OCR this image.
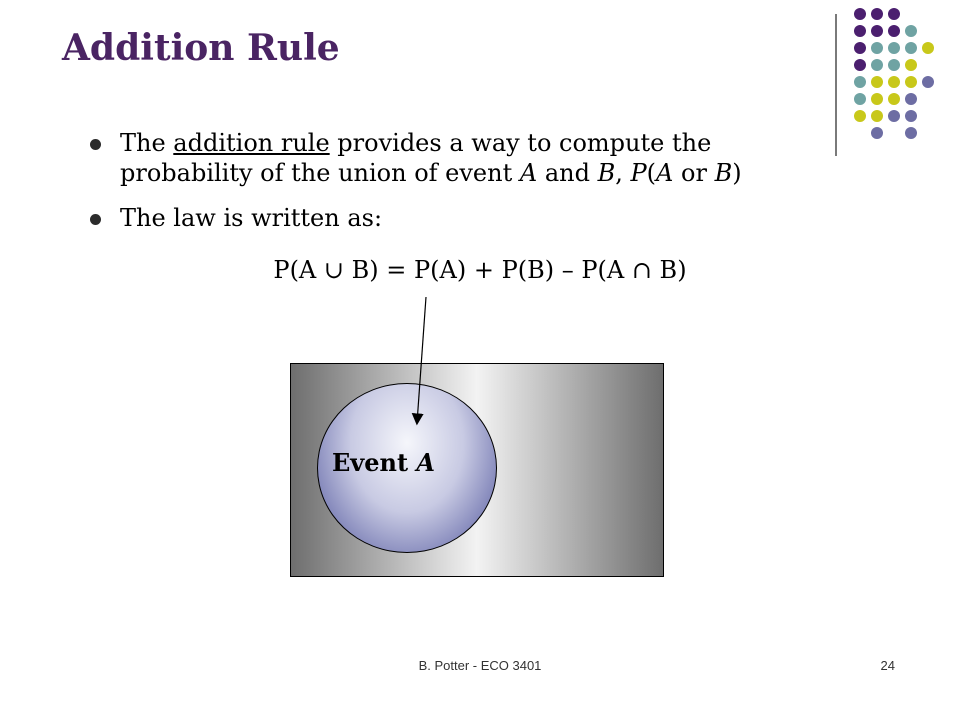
Addition Rule
The addition rule provides a way to compute the probability of the union of event A and B, P(A or B)
The law is written as:
P(A ∪ B) = P(A) + P(B) – P(A ∩ B)
Event A
B. Potter - ECO 3401	24
